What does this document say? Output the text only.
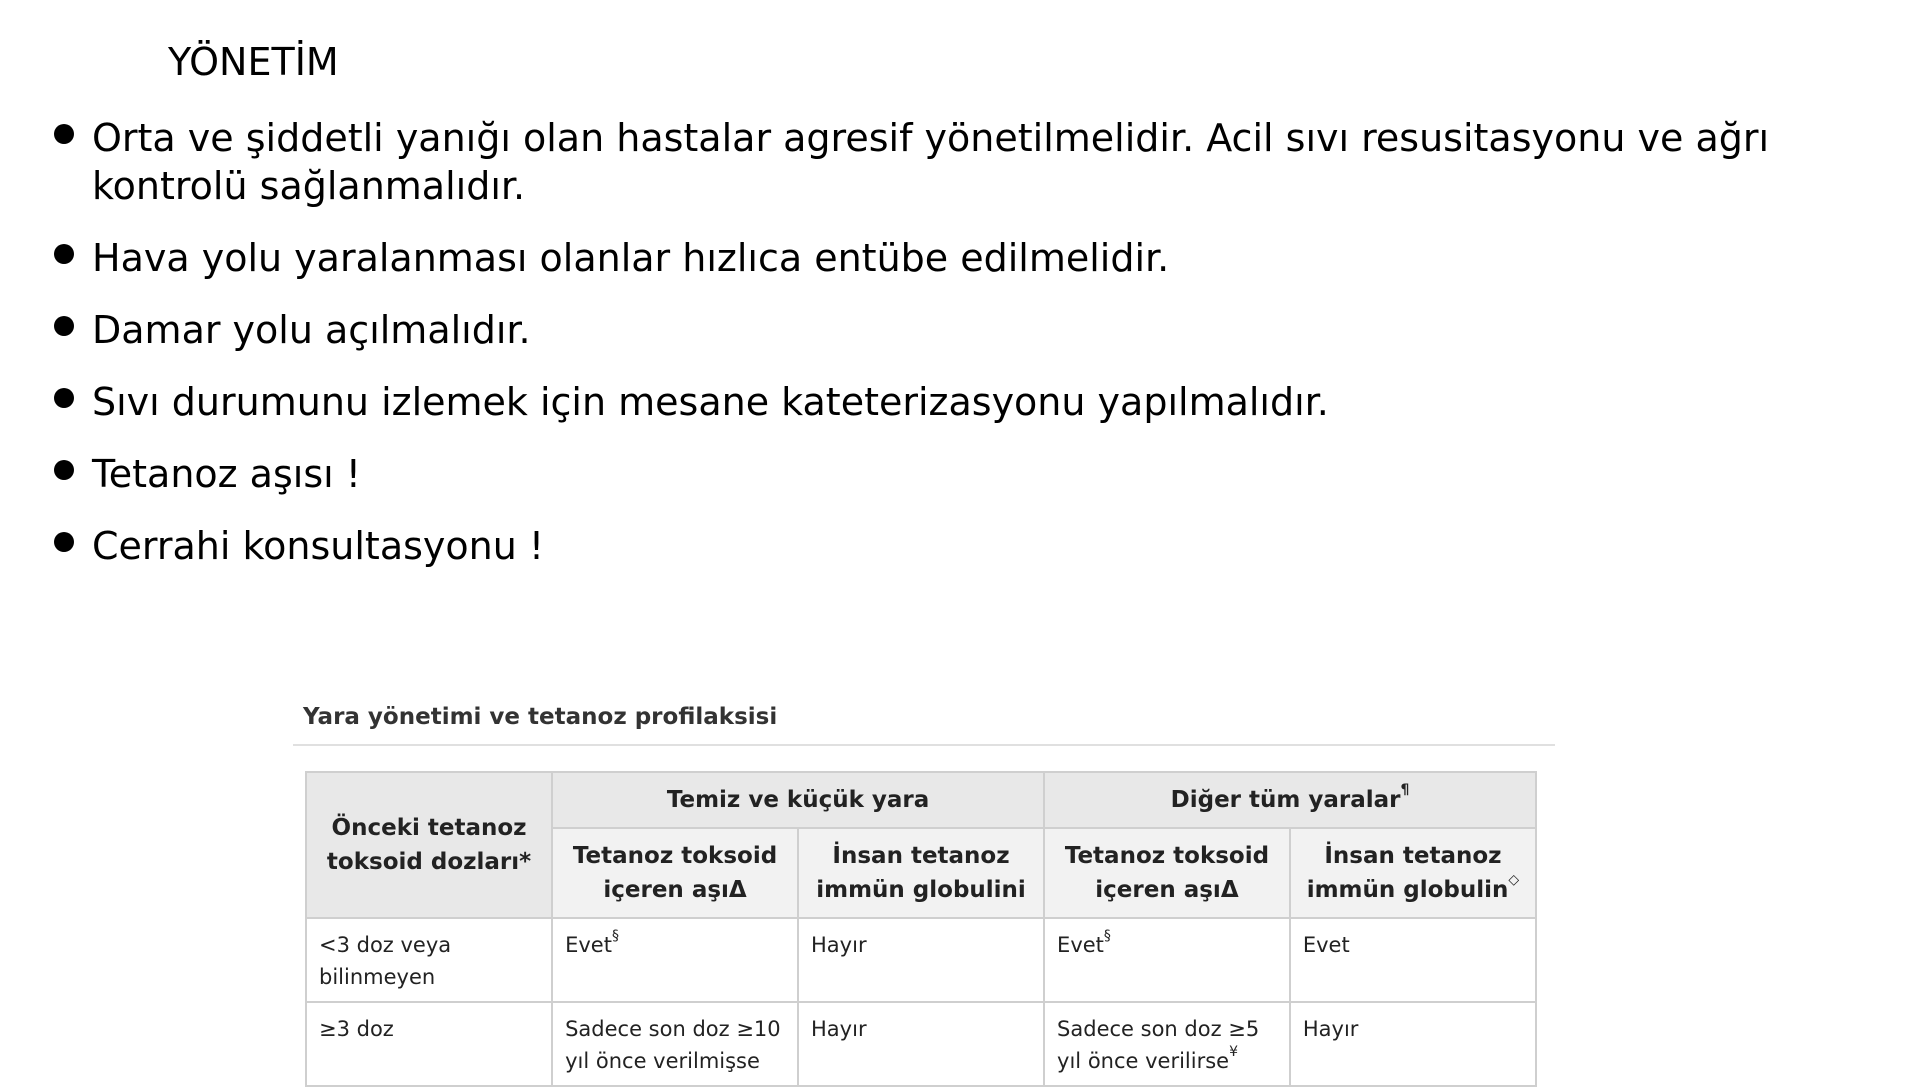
YÖNETİM
Orta ve şiddetli yanığı olan hastalar agresif yönetilmelidir. Acil sıvı resusitasyonu ve ağrı kontrolü sağlanmalıdır.
Hava yolu yaralanması olanlar hızlıca entübe edilmelidir.
Damar yolu açılmalıdır.
Sıvı durumunu izlemek için mesane kateterizasyonu yapılmalıdır.
Tetanoz aşısı !
Cerrahi konsultasyonu !
Yara yönetimi ve tetanoz profilaksisi
Önceki tetanoz toksoid dozları*	Temiz ve küçük yara		Diğer tüm yaralar¶
	Tetanoz toksoid içeren aşıΔ	İnsan tetanoz immün globulini	Tetanoz toksoid içeren aşıΔ	İnsan tetanoz immün globulin◇
<3 doz veya bilinmeyen	Evet§	Hayır	Evet§	Evet
≥3 doz	Sadece son doz ≥10 yıl önce verilmişse	Hayır	Sadece son doz ≥5 yıl önce verilirse¥	Hayır
